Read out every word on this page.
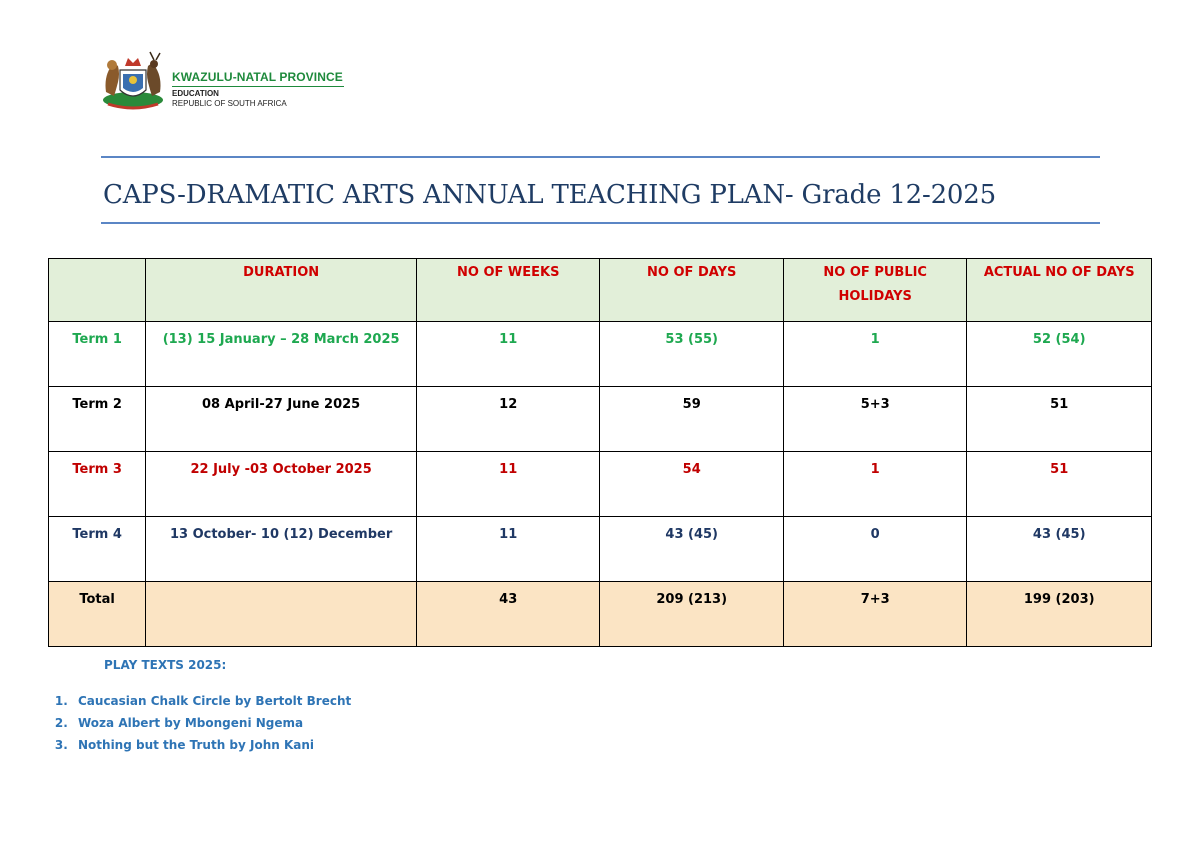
KWAZULU-NATAL PROVINCE
EDUCATION
REPUBLIC OF SOUTH AFRICA
CAPS-DRAMATIC ARTS ANNUAL TEACHING PLAN- Grade 12-2025
	DURATION	NO OF WEEKS	NO OF DAYS	NO OF PUBLIC HOLIDAYS	ACTUAL NO OF DAYS
Term 1	(13) 15 January – 28 March 2025	11	53 (55)	1	52 (54)
Term 2	08 April-27 June 2025	12	59	5+3	51
Term 3	22 July -03 October 2025	11	54	1	51
Term 4	13 October- 10 (12) December	11	43 (45)	0	43 (45)
Total		43	209 (213)	7+3	199 (203)
PLAY TEXTS 2025:
1. Caucasian Chalk Circle by Bertolt Brecht
2. Woza Albert by Mbongeni Ngema
3. Nothing but the Truth by John Kani
